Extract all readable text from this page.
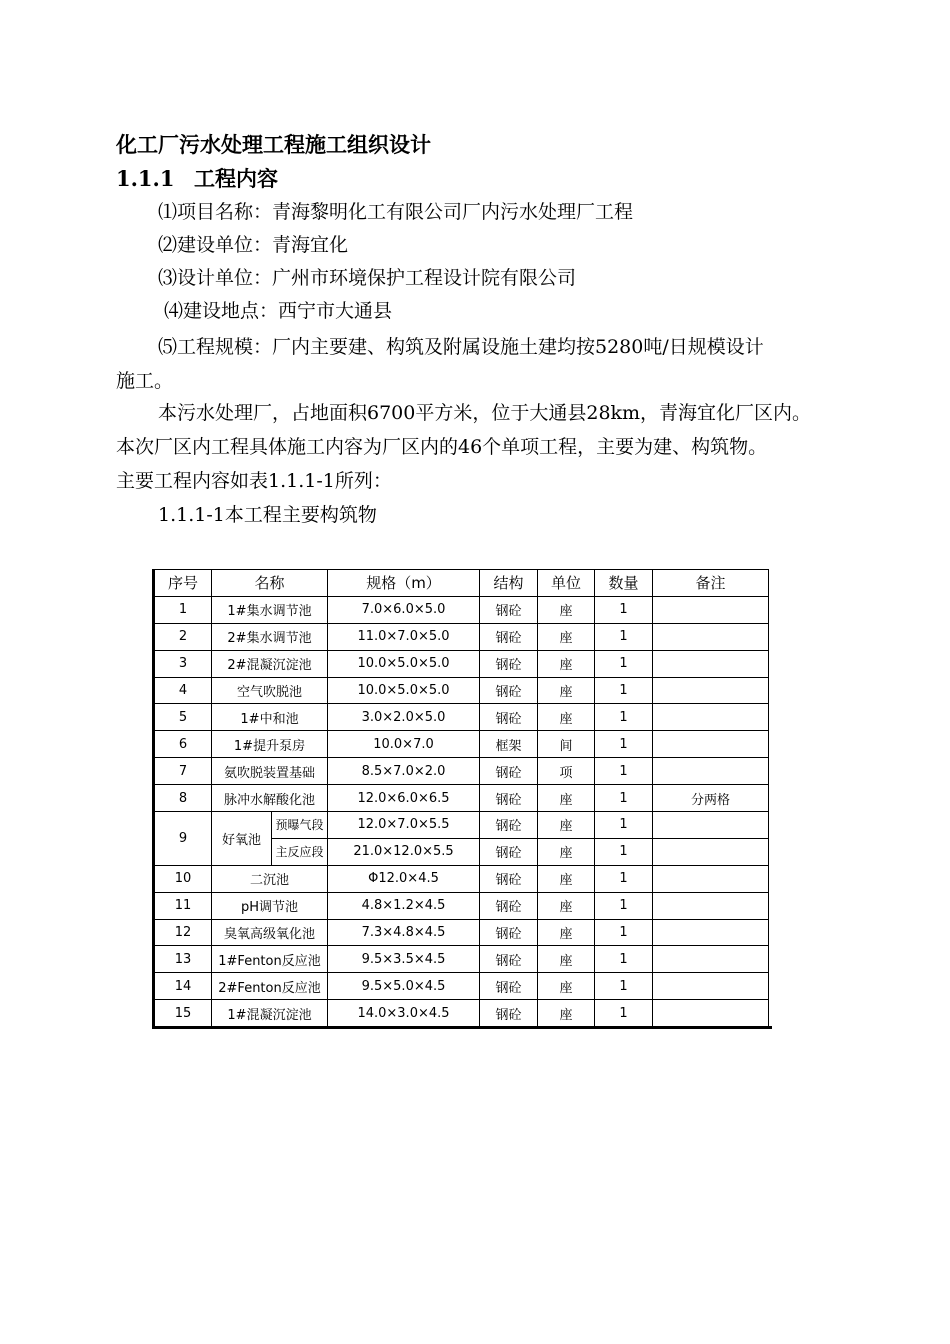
化工厂污水处理工程施工组织设计
1.1.1 工程内容

⑴项目名称：青海黎明化工有限公司厂内污水处理厂工程

⑵建设单位：青海宜化

⑶设计单位：广州市环境保护工程设计院有限公司

⑷建设地点：西宁市大通县

⑸工程规模：厂内主要建、构筑及附属设施土建均按5280吨/日规模设计

施工。

本污水处理厂，占地面积6700平方米，位于大通县28km，青海宜化厂区内。

本次厂区内工程具体施工内容为厂区内的46个单项工程，主要为建、构筑物。

主要工程内容如表1.1.1-1所列：

1.1.1-1本工程主要构筑物

序号	名称		规格（m）	结构	单位	数量	备注	
1	1#集水调节池		7.0×6.0×5.0	钢砼	座	1		
2	2#集水调节池		11.0×7.0×5.0	钢砼	座	1		
3	2#混凝沉淀池		10.0×5.0×5.0	钢砼	座	1		
4	空气吹脱池		10.0×5.0×5.0	钢砼	座	1		
5	1#中和池		3.0×2.0×5.0	钢砼	座	1		
6	1#提升泵房		10.0×7.0	框架	间	1		
7	氨吹脱装置基础		8.5×7.0×2.0	钢砼	项	1		
8	脉冲水解酸化池		12.0×6.0×6.5	钢砼	座	1	分两格	
9	好氧池	预曝气段	12.0×7.0×5.5	钢砼	座	1		
		主反应段	21.0×12.0×5.5	钢砼	座	1		
10	二沉池		Φ12.0×4.5	钢砼	座	1		
11	pH调节池		4.8×1.2×4.5	钢砼	座	1		
12	臭氧高级氧化池		7.3×4.8×4.5	钢砼	座	1		
13	1#Fenton反应池		9.5×3.5×4.5	钢砼	座	1		
14	2#Fenton反应池		9.5×5.0×4.5	钢砼	座	1		
15	1#混凝沉淀池		14.0×3.0×4.5	钢砼	座	1		
